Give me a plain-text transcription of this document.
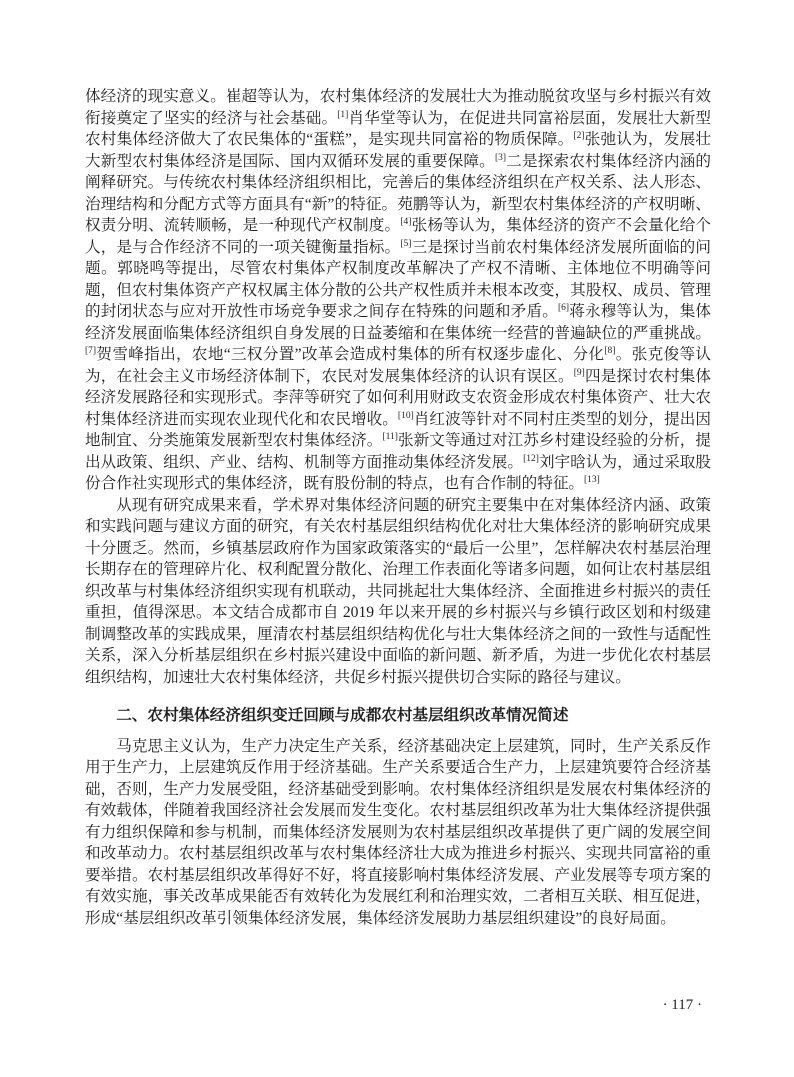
体经济的现实意义。崔超等认为，农村集体经济的发展壮大为推动脱贫攻坚与乡村振兴有效衔接奠定了坚实的经济与社会基础。[1]肖华堂等认为，在促进共同富裕层面，发展壮大新型农村集体经济做大了农民集体的“蛋糕”，是实现共同富裕的物质保障。[2]张弛认为，发展壮大新型农村集体经济是国际、国内双循环发展的重要保障。[3]二是探索农村集体经济内涵的阐释研究。与传统农村集体经济组织相比，完善后的集体经济组织在产权关系、法人形态、治理结构和分配方式等方面具有“新”的特征。苑鹏等认为，新型农村集体经济的产权明晰、权责分明、流转顺畅，是一种现代产权制度。[4]张杨等认为，集体经济的资产不会量化给个人，是与合作经济不同的一项关键衡量指标。[5]三是探讨当前农村集体经济发展所面临的问题。郭晓鸣等提出，尽管农村集体产权制度改革解决了产权不清晰、主体地位不明确等问题，但农村集体资产产权权属主体分散的公共产权性质并未根本改变，其股权、成员、管理的封闭状态与应对开放性市场竞争要求之间存在特殊的问题和矛盾。[6]蒋永穆等认为，集体经济发展面临集体经济组织自身发展的日益萎缩和在集体统一经营的普遍缺位的严重挑战。[7]贺雪峰指出，农地“三权分置”改革会造成村集体的所有权逐步虚化、分化[8]。张克俊等认为，在社会主义市场经济体制下，农民对发展集体经济的认识有误区。[9]四是探讨农村集体经济发展路径和实现形式。李萍等研究了如何利用财政支农资金形成农村集体资产、壮大农村集体经济进而实现农业现代化和农民增收。[10]肖红波等针对不同村庄类型的划分，提出因地制宜、分类施策发展新型农村集体经济。[11]张新文等通过对江苏乡村建设经验的分析，提出从政策、组织、产业、结构、机制等方面推动集体经济发展。[12]刘宇晗认为，通过采取股份合作社实现形式的集体经济，既有股份制的特点，也有合作制的特征。[13]

从现有研究成果来看，学术界对集体经济问题的研究主要集中在对集体经济内涵、政策和实践问题与建议方面的研究，有关农村基层组织结构优化对壮大集体经济的影响研究成果十分匮乏。然而，乡镇基层政府作为国家政策落实的“最后一公里”，怎样解决农村基层治理长期存在的管理碎片化、权利配置分散化、治理工作表面化等诸多问题，如何让农村基层组织改革与村集体经济组织实现有机联动，共同挑起壮大集体经济、全面推进乡村振兴的责任重担，值得深思。本文结合成都市自 2019 年以来开展的乡村振兴与乡镇行政区划和村级建制调整改革的实践成果，厘清农村基层组织结构优化与壮大集体经济之间的一致性与适配性关系，深入分析基层组织在乡村振兴建设中面临的新问题、新矛盾，为进一步优化农村基层组织结构，加速壮大农村集体经济，共促乡村振兴提供切合实际的路径与建议。

二、农村集体经济组织变迁回顾与成都农村基层组织改革情况简述

马克思主义认为，生产力决定生产关系，经济基础决定上层建筑，同时，生产关系反作用于生产力，上层建筑反作用于经济基础。生产关系要适合生产力，上层建筑要符合经济基础，否则，生产力发展受阻，经济基础受到影响。农村集体经济组织是发展农村集体经济的有效载体，伴随着我国经济社会发展而发生变化。农村基层组织改革为壮大集体经济提供强有力组织保障和参与机制，而集体经济发展则为农村基层组织改革提供了更广阔的发展空间和改革动力。农村基层组织改革与农村集体经济壮大成为推进乡村振兴、实现共同富裕的重要举措。农村基层组织改革得好不好，将直接影响村集体经济发展、产业发展等专项方案的有效实施，事关改革成果能否有效转化为发展红利和治理实效，二者相互关联、相互促进，形成“基层组织改革引领集体经济发展，集体经济发展助力基层组织建设”的良好局面。

· 117 ·
